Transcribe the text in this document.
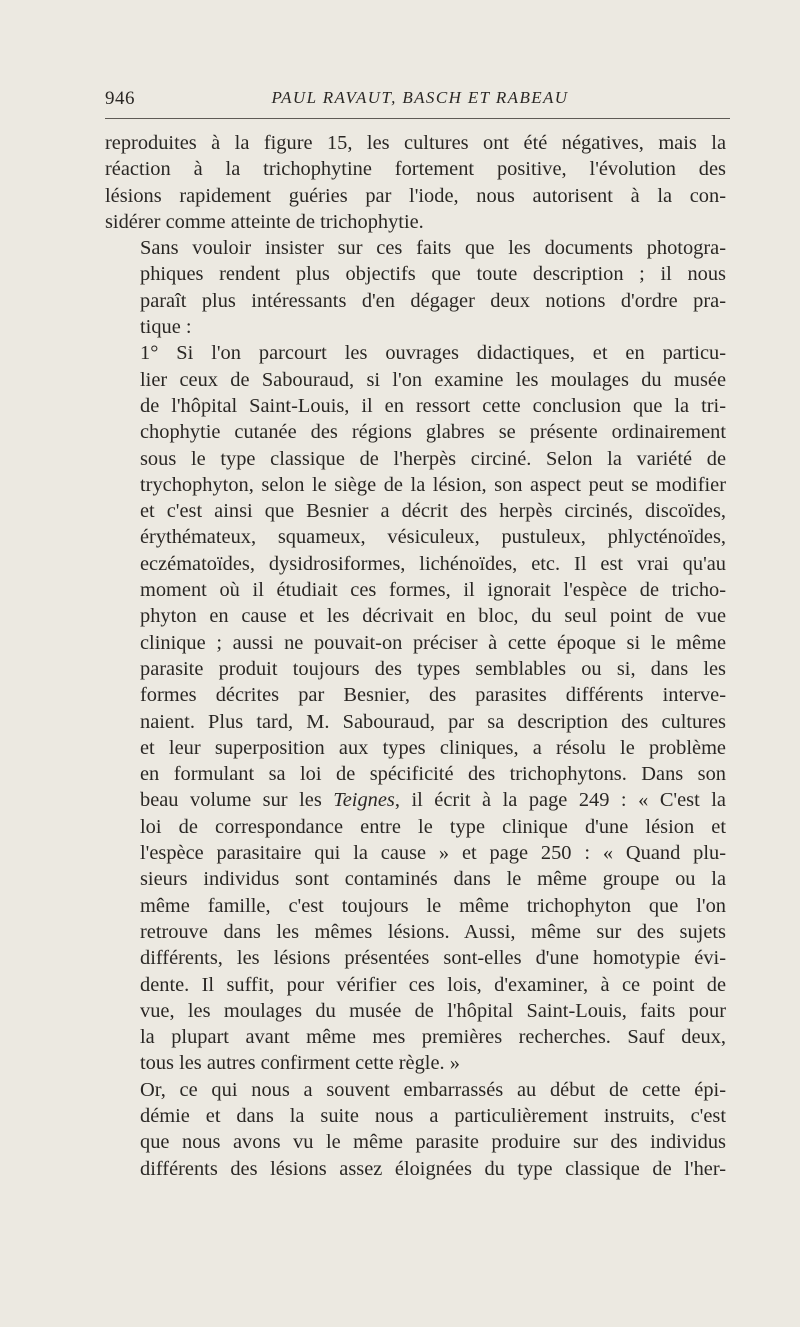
946	PAUL RAVAUT, BASCH ET RABEAU

reproduites à la figure 15, les cultures ont été négatives, mais la
réaction à la trichophytine fortement positive, l'évolution des
lésions rapidement guéries par l'iode, nous autorisent à la con-
sidérer comme atteinte de trichophytie.

Sans vouloir insister sur ces faits que les documents photogra-
phiques rendent plus objectifs que toute description ; il nous
paraît plus intéressants d'en dégager deux notions d'ordre pra-
tique :

1° Si l'on parcourt les ouvrages didactiques, et en particu-
lier ceux de Sabouraud, si l'on examine les moulages du musée
de l'hôpital Saint-Louis, il en ressort cette conclusion que la tri-
chophytie cutanée des régions glabres se présente ordinairement
sous le type classique de l'herpès circiné. Selon la variété de
trychophyton, selon le siège de la lésion, son aspect peut se modifier
et c'est ainsi que Besnier a décrit des herpès circinés, discoïdes,
érythémateux, squameux, vésiculeux, pustuleux, phlycténoïdes,
eczématoïdes, dysidrosiformes, lichénoïdes, etc. Il est vrai qu'au
moment où il étudiait ces formes, il ignorait l'espèce de tricho-
phyton en cause et les décrivait en bloc, du seul point de vue
clinique ; aussi ne pouvait-on préciser à cette époque si le même
parasite produit toujours des types semblables ou si, dans les
formes décrites par Besnier, des parasites différents interve-
naient. Plus tard, M. Sabouraud, par sa description des cultures
et leur superposition aux types cliniques, a résolu le problème
en formulant sa loi de spécificité des trichophytons. Dans son
beau volume sur les Teignes, il écrit à la page 249 : « C'est la
loi de correspondance entre le type clinique d'une lésion et
l'espèce parasitaire qui la cause » et page 250 : « Quand plu-
sieurs individus sont contaminés dans le même groupe ou la
même famille, c'est toujours le même trichophyton que l'on
retrouve dans les mêmes lésions. Aussi, même sur des sujets
différents, les lésions présentées sont-elles d'une homotypie évi-
dente. Il suffit, pour vérifier ces lois, d'examiner, à ce point de
vue, les moulages du musée de l'hôpital Saint-Louis, faits pour
la plupart avant même mes premières recherches. Sauf deux,
tous les autres confirment cette règle. »

Or, ce qui nous a souvent embarrassés au début de cette épi-
démie et dans la suite nous a particulièrement instruits, c'est
que nous avons vu le même parasite produire sur des individus
différents des lésions assez éloignées du type classique de l'her-
